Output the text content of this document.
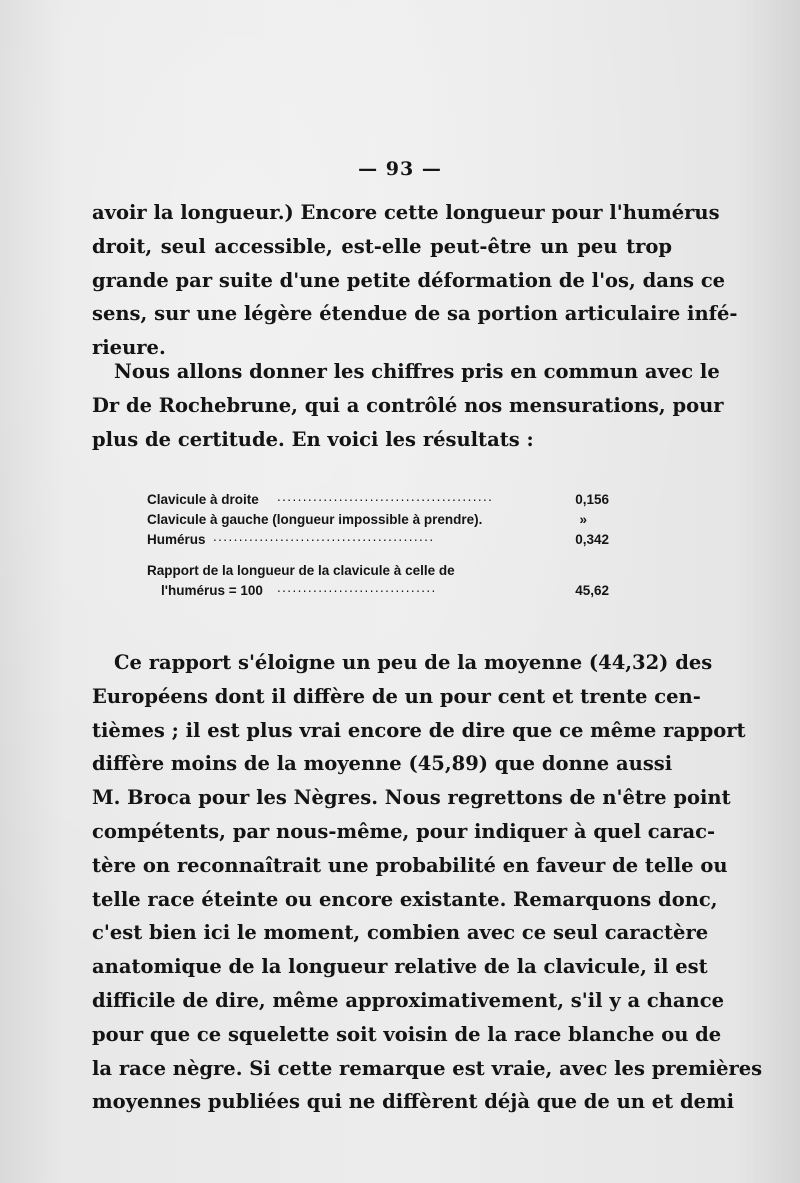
— 93 —
avoir la longueur.) Encore cette longueur pour l'humérus
droit, seul accessible, est-elle peut-être un peu trop
grande par suite d'une petite déformation de l'os, dans ce
sens, sur une légère étendue de sa portion articulaire infé-
rieure.
Nous allons donner les chiffres pris en commun avec le
Dr de Rochebrune, qui a contrôlé nos mensurations, pour
plus de certitude. En voici les résultats :
Clavicule à droite ..........................................	0,156
Clavicule à gauche (longueur impossible à prendre).	»
Humérus ...........................................	0,342
Rapport de la longueur de la clavicule à celle de
l'humérus = 100 ...............................	45,62
Ce rapport s'éloigne un peu de la moyenne (44,32) des
Européens dont il diffère de un pour cent et trente cen-
tièmes ; il est plus vrai encore de dire que ce même rapport
diffère moins de la moyenne (45,89) que donne aussi
M. Broca pour les Nègres. Nous regrettons de n'être point
compétents, par nous-même, pour indiquer à quel carac-
tère on reconnaîtrait une probabilité en faveur de telle ou
telle race éteinte ou encore existante. Remarquons donc,
c'est bien ici le moment, combien avec ce seul caractère
anatomique de la longueur relative de la clavicule, il est
difficile de dire, même approximativement, s'il y a chance
pour que ce squelette soit voisin de la race blanche ou de
la race nègre. Si cette remarque est vraie, avec les premières
moyennes publiées qui ne diffèrent déjà que de un et demi
